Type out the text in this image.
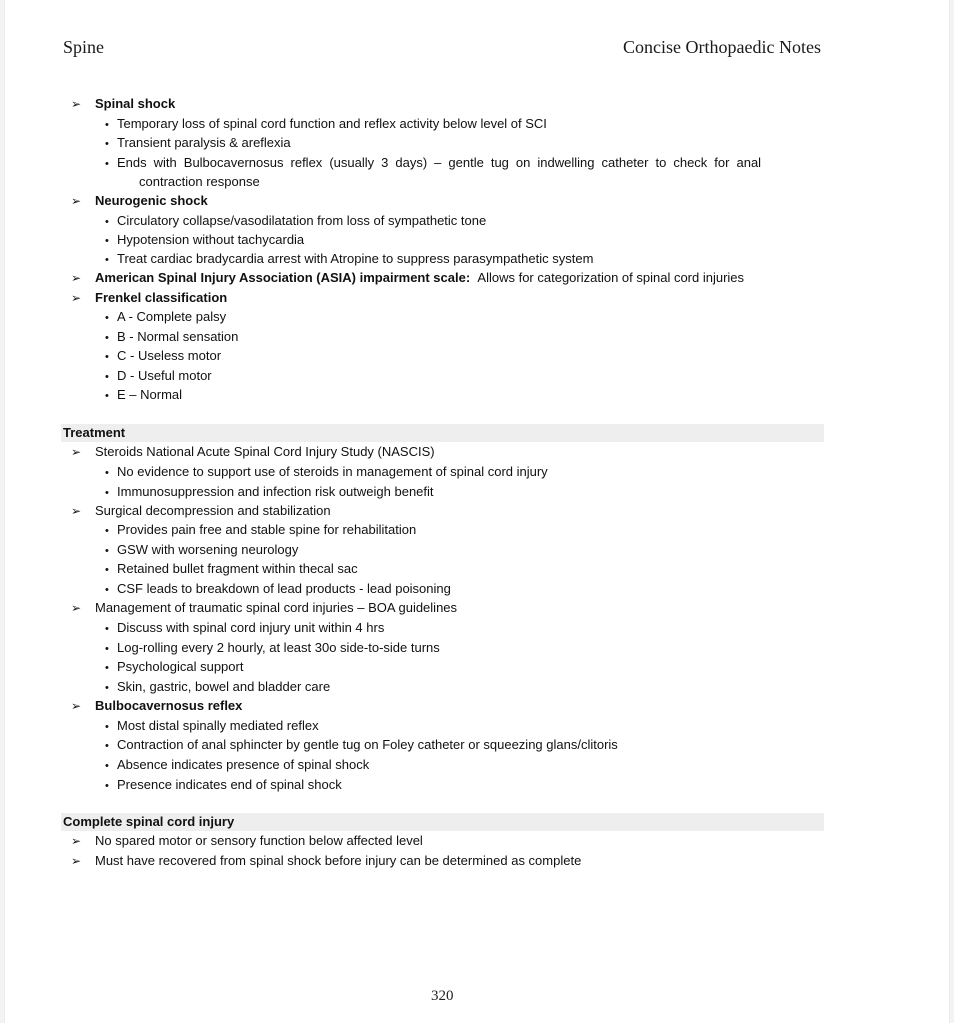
Spine	Concise Orthopaedic Notes
➢ Spinal shock
• Temporary loss of spinal cord function and reflex activity below level of SCI
• Transient paralysis & areflexia
• Ends with Bulbocavernosus reflex (usually 3 days) – gentle tug on indwelling catheter to check for anal
contraction response
➢ Neurogenic shock
• Circulatory collapse/vasodilatation from loss of sympathetic tone
• Hypotension without tachycardia
• Treat cardiac bradycardia arrest with Atropine to suppress parasympathetic system
➢ American Spinal Injury Association (ASIA) impairment scale: Allows for categorization of spinal cord injuries
➢ Frenkel classification
• A - Complete palsy
• B - Normal sensation
• C - Useless motor
• D - Useful motor
• E – Normal
Treatment
➢ Steroids National Acute Spinal Cord Injury Study (NASCIS)
• No evidence to support use of steroids in management of spinal cord injury
• Immunosuppression and infection risk outweigh benefit
➢ Surgical decompression and stabilization
• Provides pain free and stable spine for rehabilitation
• GSW with worsening neurology
• Retained bullet fragment within thecal sac
• CSF leads to breakdown of lead products - lead poisoning
➢ Management of traumatic spinal cord injuries – BOA guidelines
• Discuss with spinal cord injury unit within 4 hrs
• Log-rolling every 2 hourly, at least 30o side-to-side turns
• Psychological support
• Skin, gastric, bowel and bladder care
➢ Bulbocavernosus reflex
• Most distal spinally mediated reflex
• Contraction of anal sphincter by gentle tug on Foley catheter or squeezing glans/clitoris
• Absence indicates presence of spinal shock
• Presence indicates end of spinal shock
Complete spinal cord injury
➢ No spared motor or sensory function below affected level
➢ Must have recovered from spinal shock before injury can be determined as complete
320
